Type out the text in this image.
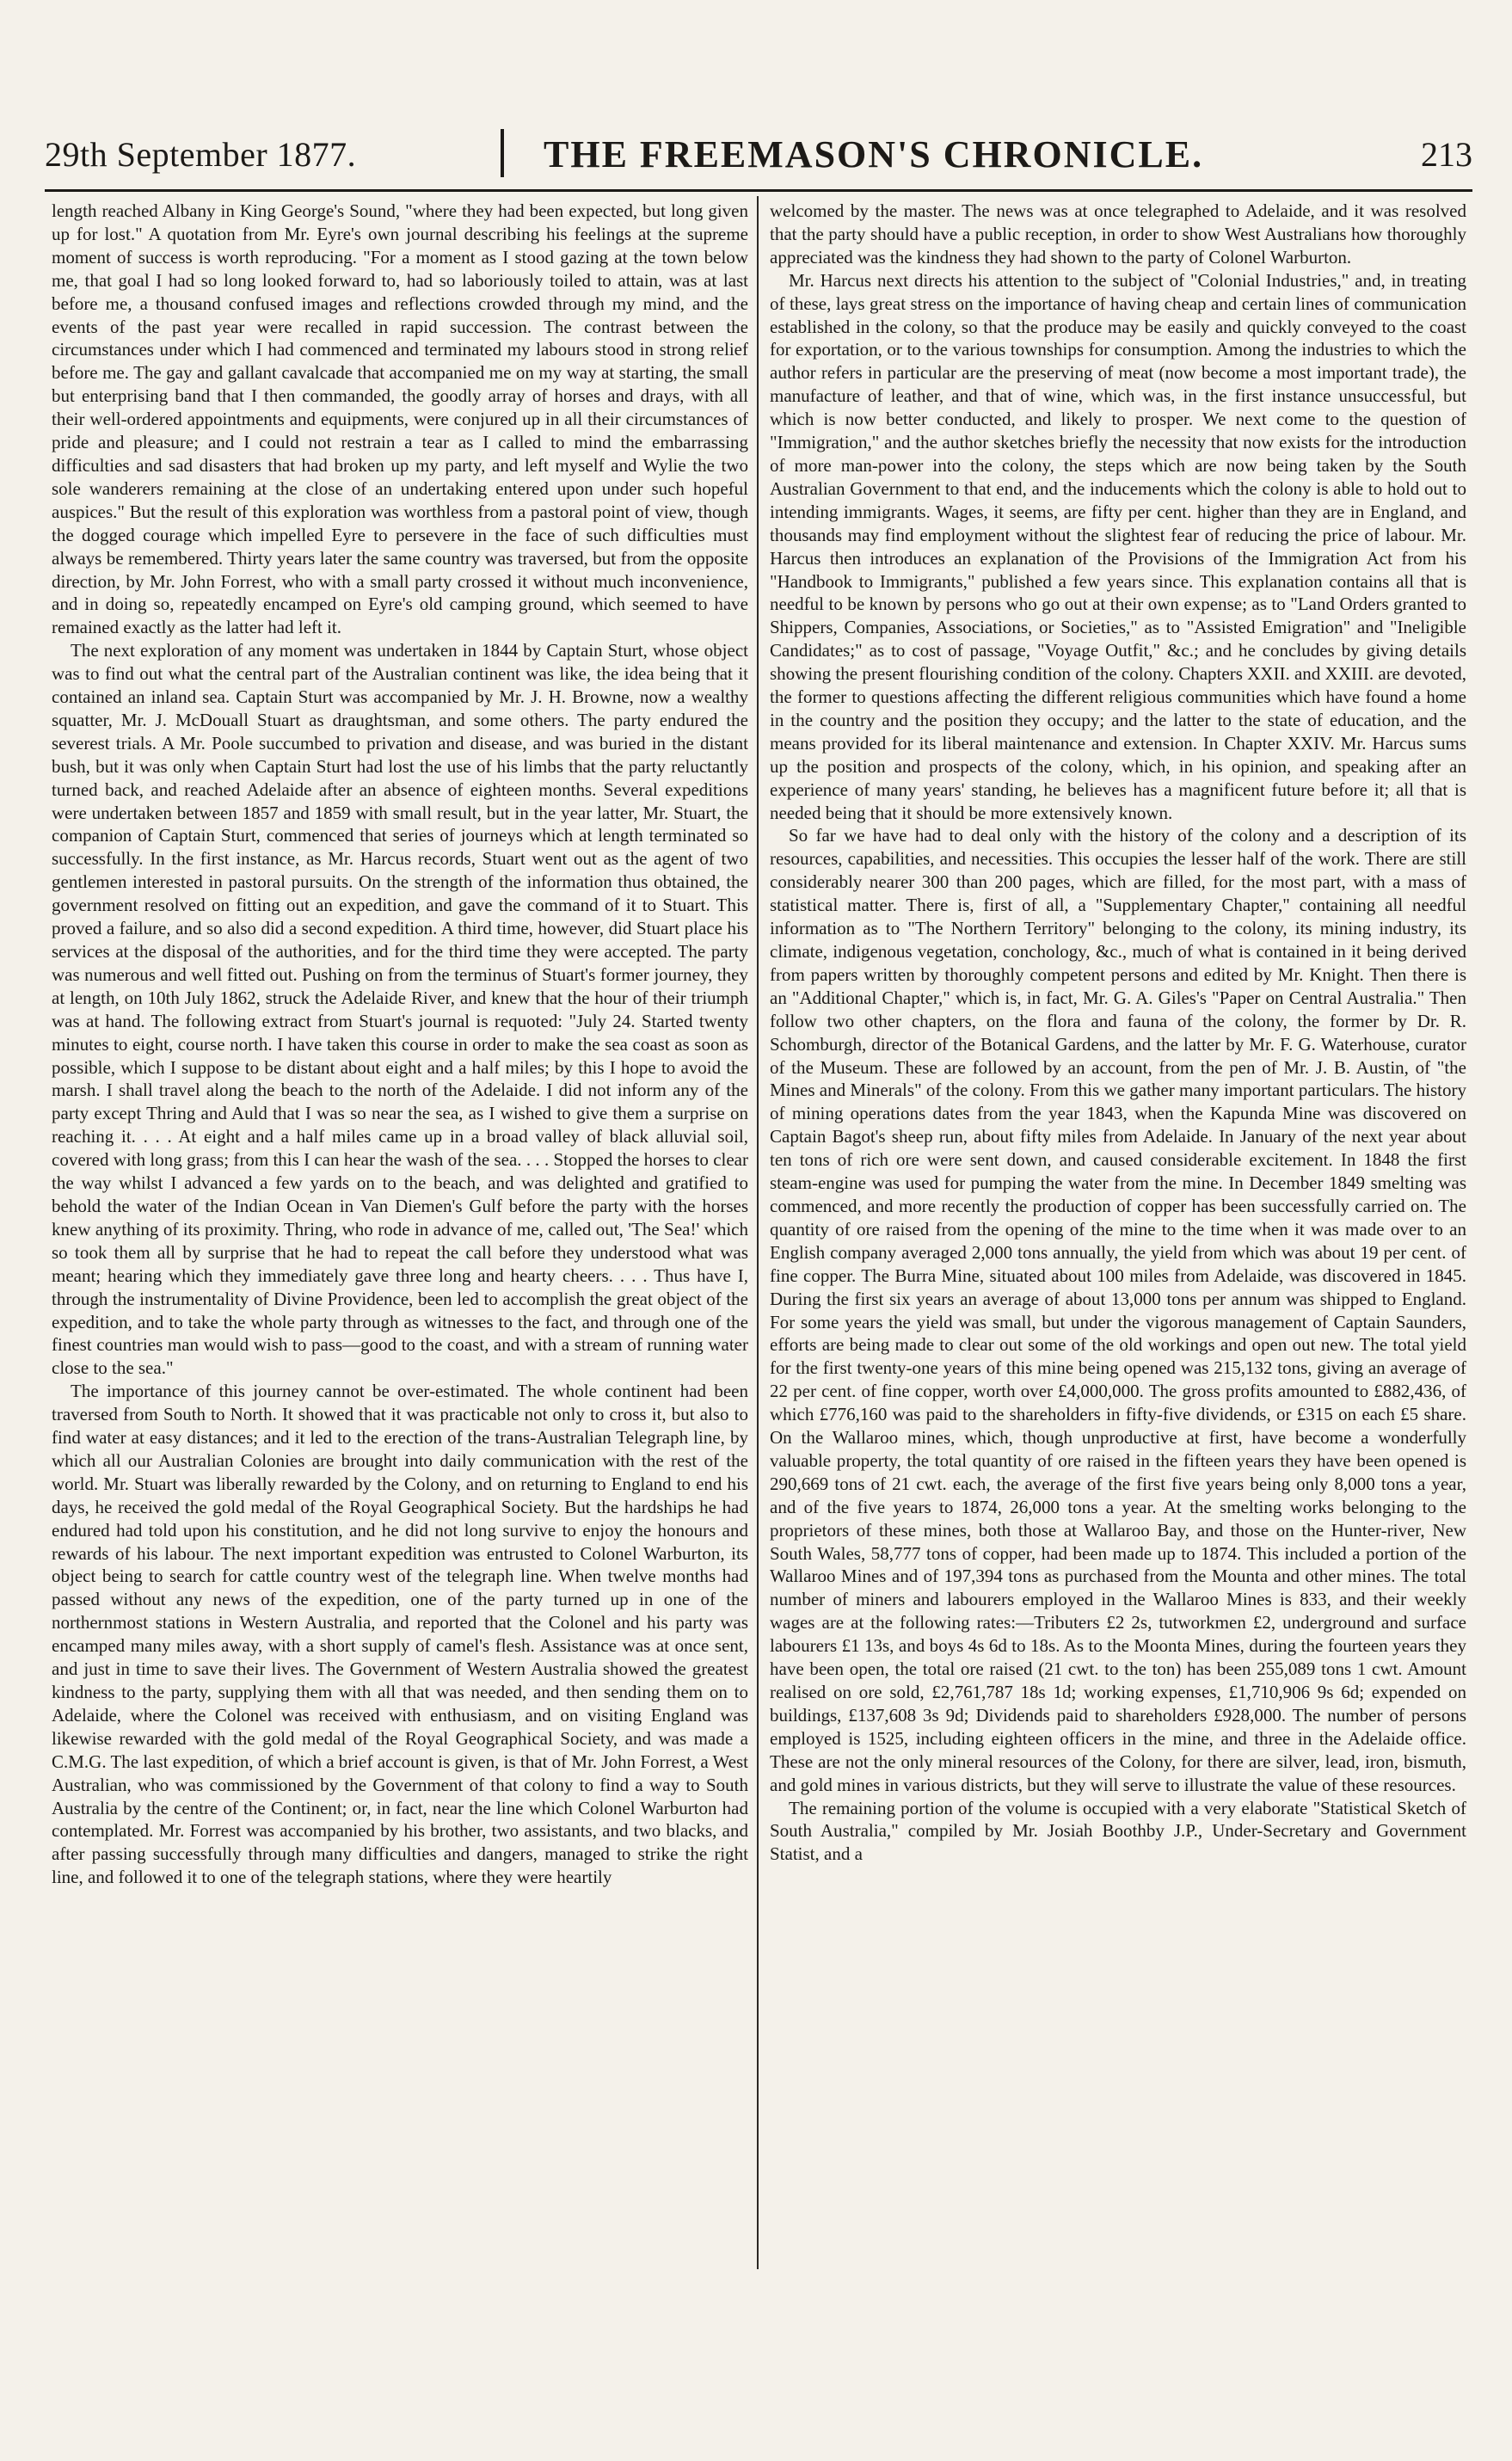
29th September 1877.	THE FREEMASON'S CHRONICLE.	213

length reached Albany in King George's Sound, "where they had been expected, but long given up for lost." A quotation from Mr. Eyre's own journal describing his feelings at the supreme moment of success is worth reproducing. "For a moment as I stood gazing at the town below me, that goal I had so long looked forward to, had so laboriously toiled to attain, was at last before me, a thousand confused images and reflections crowded through my mind, and the events of the past year were recalled in rapid succession. The contrast between the circumstances under which I had commenced and terminated my labours stood in strong relief before me. The gay and gallant cavalcade that accompanied me on my way at starting, the small but enterprising band that I then commanded, the goodly array of horses and drays, with all their well-ordered appointments and equipments, were conjured up in all their circumstances of pride and pleasure; and I could not restrain a tear as I called to mind the embarrassing difficulties and sad disasters that had broken up my party, and left myself and Wylie the two sole wanderers remaining at the close of an undertaking entered upon under such hopeful auspices." But the result of this exploration was worthless from a pastoral point of view, though the dogged courage which impelled Eyre to persevere in the face of such difficulties must always be remembered. Thirty years later the same country was traversed, but from the opposite direction, by Mr. John Forrest, who with a small party crossed it without much inconvenience, and in doing so, repeatedly encamped on Eyre's old camping ground, which seemed to have remained exactly as the latter had left it.

The next exploration of any moment was undertaken in 1844 by Captain Sturt, whose object was to find out what the central part of the Australian continent was like, the idea being that it contained an inland sea. Captain Sturt was accompanied by Mr. J. H. Browne, now a wealthy squatter, Mr. J. McDouall Stuart as draughtsman, and some others. The party endured the severest trials. A Mr. Poole succumbed to privation and disease, and was buried in the distant bush, but it was only when Captain Sturt had lost the use of his limbs that the party reluctantly turned back, and reached Adelaide after an absence of eighteen months. Several expeditions were undertaken between 1857 and 1859 with small result, but in the year latter, Mr. Stuart, the companion of Captain Sturt, commenced that series of journeys which at length terminated so successfully. In the first instance, as Mr. Harcus records, Stuart went out as the agent of two gentlemen interested in pastoral pursuits. On the strength of the information thus obtained, the government resolved on fitting out an expedition, and gave the command of it to Stuart. This proved a failure, and so also did a second expedition. A third time, however, did Stuart place his services at the disposal of the authorities, and for the third time they were accepted. The party was numerous and well fitted out. Pushing on from the terminus of Stuart's former journey, they at length, on 10th July 1862, struck the Adelaide River, and knew that the hour of their triumph was at hand. The following extract from Stuart's journal is requoted: "July 24. Started twenty minutes to eight, course north. I have taken this course in order to make the sea coast as soon as possible, which I suppose to be distant about eight and a half miles; by this I hope to avoid the marsh. I shall travel along the beach to the north of the Adelaide. I did not inform any of the party except Thring and Auld that I was so near the sea, as I wished to give them a surprise on reaching it. . . . At eight and a half miles came up in a broad valley of black alluvial soil, covered with long grass; from this I can hear the wash of the sea. . . . Stopped the horses to clear the way whilst I advanced a few yards on to the beach, and was delighted and gratified to behold the water of the Indian Ocean in Van Diemen's Gulf before the party with the horses knew anything of its proximity. Thring, who rode in advance of me, called out, 'The Sea!' which so took them all by surprise that he had to repeat the call before they understood what was meant; hearing which they immediately gave three long and hearty cheers. . . . Thus have I, through the instrumentality of Divine Providence, been led to accomplish the great object of the expedition, and to take the whole party through as witnesses to the fact, and through one of the finest countries man would wish to pass—good to the coast, and with a stream of running water close to the sea."

The importance of this journey cannot be over-estimated. The whole continent had been traversed from South to North. It showed that it was practicable not only to cross it, but also to find water at easy distances; and it led to the erection of the trans-Australian Telegraph line, by which all our Australian Colonies are brought into daily communication with the rest of the world. Mr. Stuart was liberally rewarded by the Colony, and on returning to England to end his days, he received the gold medal of the Royal Geographical Society. But the hardships he had endured had told upon his constitution, and he did not long survive to enjoy the honours and rewards of his labour. The next important expedition was entrusted to Colonel Warburton, its object being to search for cattle country west of the telegraph line. When twelve months had passed without any news of the expedition, one of the party turned up in one of the northernmost stations in Western Australia, and reported that the Colonel and his party was encamped many miles away, with a short supply of camel's flesh. Assistance was at once sent, and just in time to save their lives. The Government of Western Australia showed the greatest kindness to the party, supplying them with all that was needed, and then sending them on to Adelaide, where the Colonel was received with enthusiasm, and on visiting England was likewise rewarded with the gold medal of the Royal Geographical Society, and was made a C.M.G. The last expedition, of which a brief account is given, is that of Mr. John Forrest, a West Australian, who was commissioned by the Government of that colony to find a way to South Australia by the centre of the Continent; or, in fact, near the line which Colonel Warburton had contemplated. Mr. Forrest was accompanied by his brother, two assistants, and two blacks, and after passing successfully through many difficulties and dangers, managed to strike the right line, and followed it to one of the telegraph stations, where they were heartily

welcomed by the master. The news was at once telegraphed to Adelaide, and it was resolved that the party should have a public reception, in order to show West Australians how thoroughly appreciated was the kindness they had shown to the party of Colonel Warburton.

Mr. Harcus next directs his attention to the subject of "Colonial Industries," and, in treating of these, lays great stress on the importance of having cheap and certain lines of communication established in the colony, so that the produce may be easily and quickly conveyed to the coast for exportation, or to the various townships for consumption. Among the industries to which the author refers in particular are the preserving of meat (now become a most important trade), the manufacture of leather, and that of wine, which was, in the first instance unsuccessful, but which is now better conducted, and likely to prosper. We next come to the question of "Immigration," and the author sketches briefly the necessity that now exists for the introduction of more man-power into the colony, the steps which are now being taken by the South Australian Government to that end, and the inducements which the colony is able to hold out to intending immigrants. Wages, it seems, are fifty per cent. higher than they are in England, and thousands may find employment without the slightest fear of reducing the price of labour. Mr. Harcus then introduces an explanation of the Provisions of the Immigration Act from his "Handbook to Immigrants," published a few years since. This explanation contains all that is needful to be known by persons who go out at their own expense; as to "Land Orders granted to Shippers, Companies, Associations, or Societies," as to "Assisted Emigration" and "Ineligible Candidates;" as to cost of passage, "Voyage Outfit," &c.; and he concludes by giving details showing the present flourishing condition of the colony. Chapters XXII. and XXIII. are devoted, the former to questions affecting the different religious communities which have found a home in the country and the position they occupy; and the latter to the state of education, and the means provided for its liberal maintenance and extension. In Chapter XXIV. Mr. Harcus sums up the position and prospects of the colony, which, in his opinion, and speaking after an experience of many years' standing, he believes has a magnificent future before it; all that is needed being that it should be more extensively known.

So far we have had to deal only with the history of the colony and a description of its resources, capabilities, and necessities. This occupies the lesser half of the work. There are still considerably nearer 300 than 200 pages, which are filled, for the most part, with a mass of statistical matter. There is, first of all, a "Supplementary Chapter," containing all needful information as to "The Northern Territory" belonging to the colony, its mining industry, its climate, indigenous vegetation, conchology, &c., much of what is contained in it being derived from papers written by thoroughly competent persons and edited by Mr. Knight. Then there is an "Additional Chapter," which is, in fact, Mr. G. A. Giles's "Paper on Central Australia." Then follow two other chapters, on the flora and fauna of the colony, the former by Dr. R. Schomburgh, director of the Botanical Gardens, and the latter by Mr. F. G. Waterhouse, curator of the Museum. These are followed by an account, from the pen of Mr. J. B. Austin, of "the Mines and Minerals" of the colony. From this we gather many important particulars. The history of mining operations dates from the year 1843, when the Kapunda Mine was discovered on Captain Bagot's sheep run, about fifty miles from Adelaide. In January of the next year about ten tons of rich ore were sent down, and caused considerable excitement. In 1848 the first steam-engine was used for pumping the water from the mine. In December 1849 smelting was commenced, and more recently the production of copper has been successfully carried on. The quantity of ore raised from the opening of the mine to the time when it was made over to an English company averaged 2,000 tons annually, the yield from which was about 19 per cent. of fine copper. The Burra Mine, situated about 100 miles from Adelaide, was discovered in 1845. During the first six years an average of about 13,000 tons per annum was shipped to England. For some years the yield was small, but under the vigorous management of Captain Saunders, efforts are being made to clear out some of the old workings and open out new. The total yield for the first twenty-one years of this mine being opened was 215,132 tons, giving an average of 22 per cent. of fine copper, worth over £4,000,000. The gross profits amounted to £882,436, of which £776,160 was paid to the shareholders in fifty-five dividends, or £315 on each £5 share. On the Wallaroo mines, which, though unproductive at first, have become a wonderfully valuable property, the total quantity of ore raised in the fifteen years they have been opened is 290,669 tons of 21 cwt. each, the average of the first five years being only 8,000 tons a year, and of the five years to 1874, 26,000 tons a year. At the smelting works belonging to the proprietors of these mines, both those at Wallaroo Bay, and those on the Hunter-river, New South Wales, 58,777 tons of copper, had been made up to 1874. This included a portion of the Wallaroo Mines and of 197,394 tons as purchased from the Mounta and other mines. The total number of miners and labourers employed in the Wallaroo Mines is 833, and their weekly wages are at the following rates:—Tributers £2 2s, tutworkmen £2, underground and surface labourers £1 13s, and boys 4s 6d to 18s. As to the Moonta Mines, during the fourteen years they have been open, the total ore raised (21 cwt. to the ton) has been 255,089 tons 1 cwt. Amount realised on ore sold, £2,761,787 18s 1d; working expenses, £1,710,906 9s 6d; expended on buildings, £137,608 3s 9d; Dividends paid to shareholders £928,000. The number of persons employed is 1525, including eighteen officers in the mine, and three in the Adelaide office. These are not the only mineral resources of the Colony, for there are silver, lead, iron, bismuth, and gold mines in various districts, but they will serve to illustrate the value of these resources.

The remaining portion of the volume is occupied with a very elaborate "Statistical Sketch of South Australia," compiled by Mr. Josiah Boothby J.P., Under-Secretary and Government Statist, and a
